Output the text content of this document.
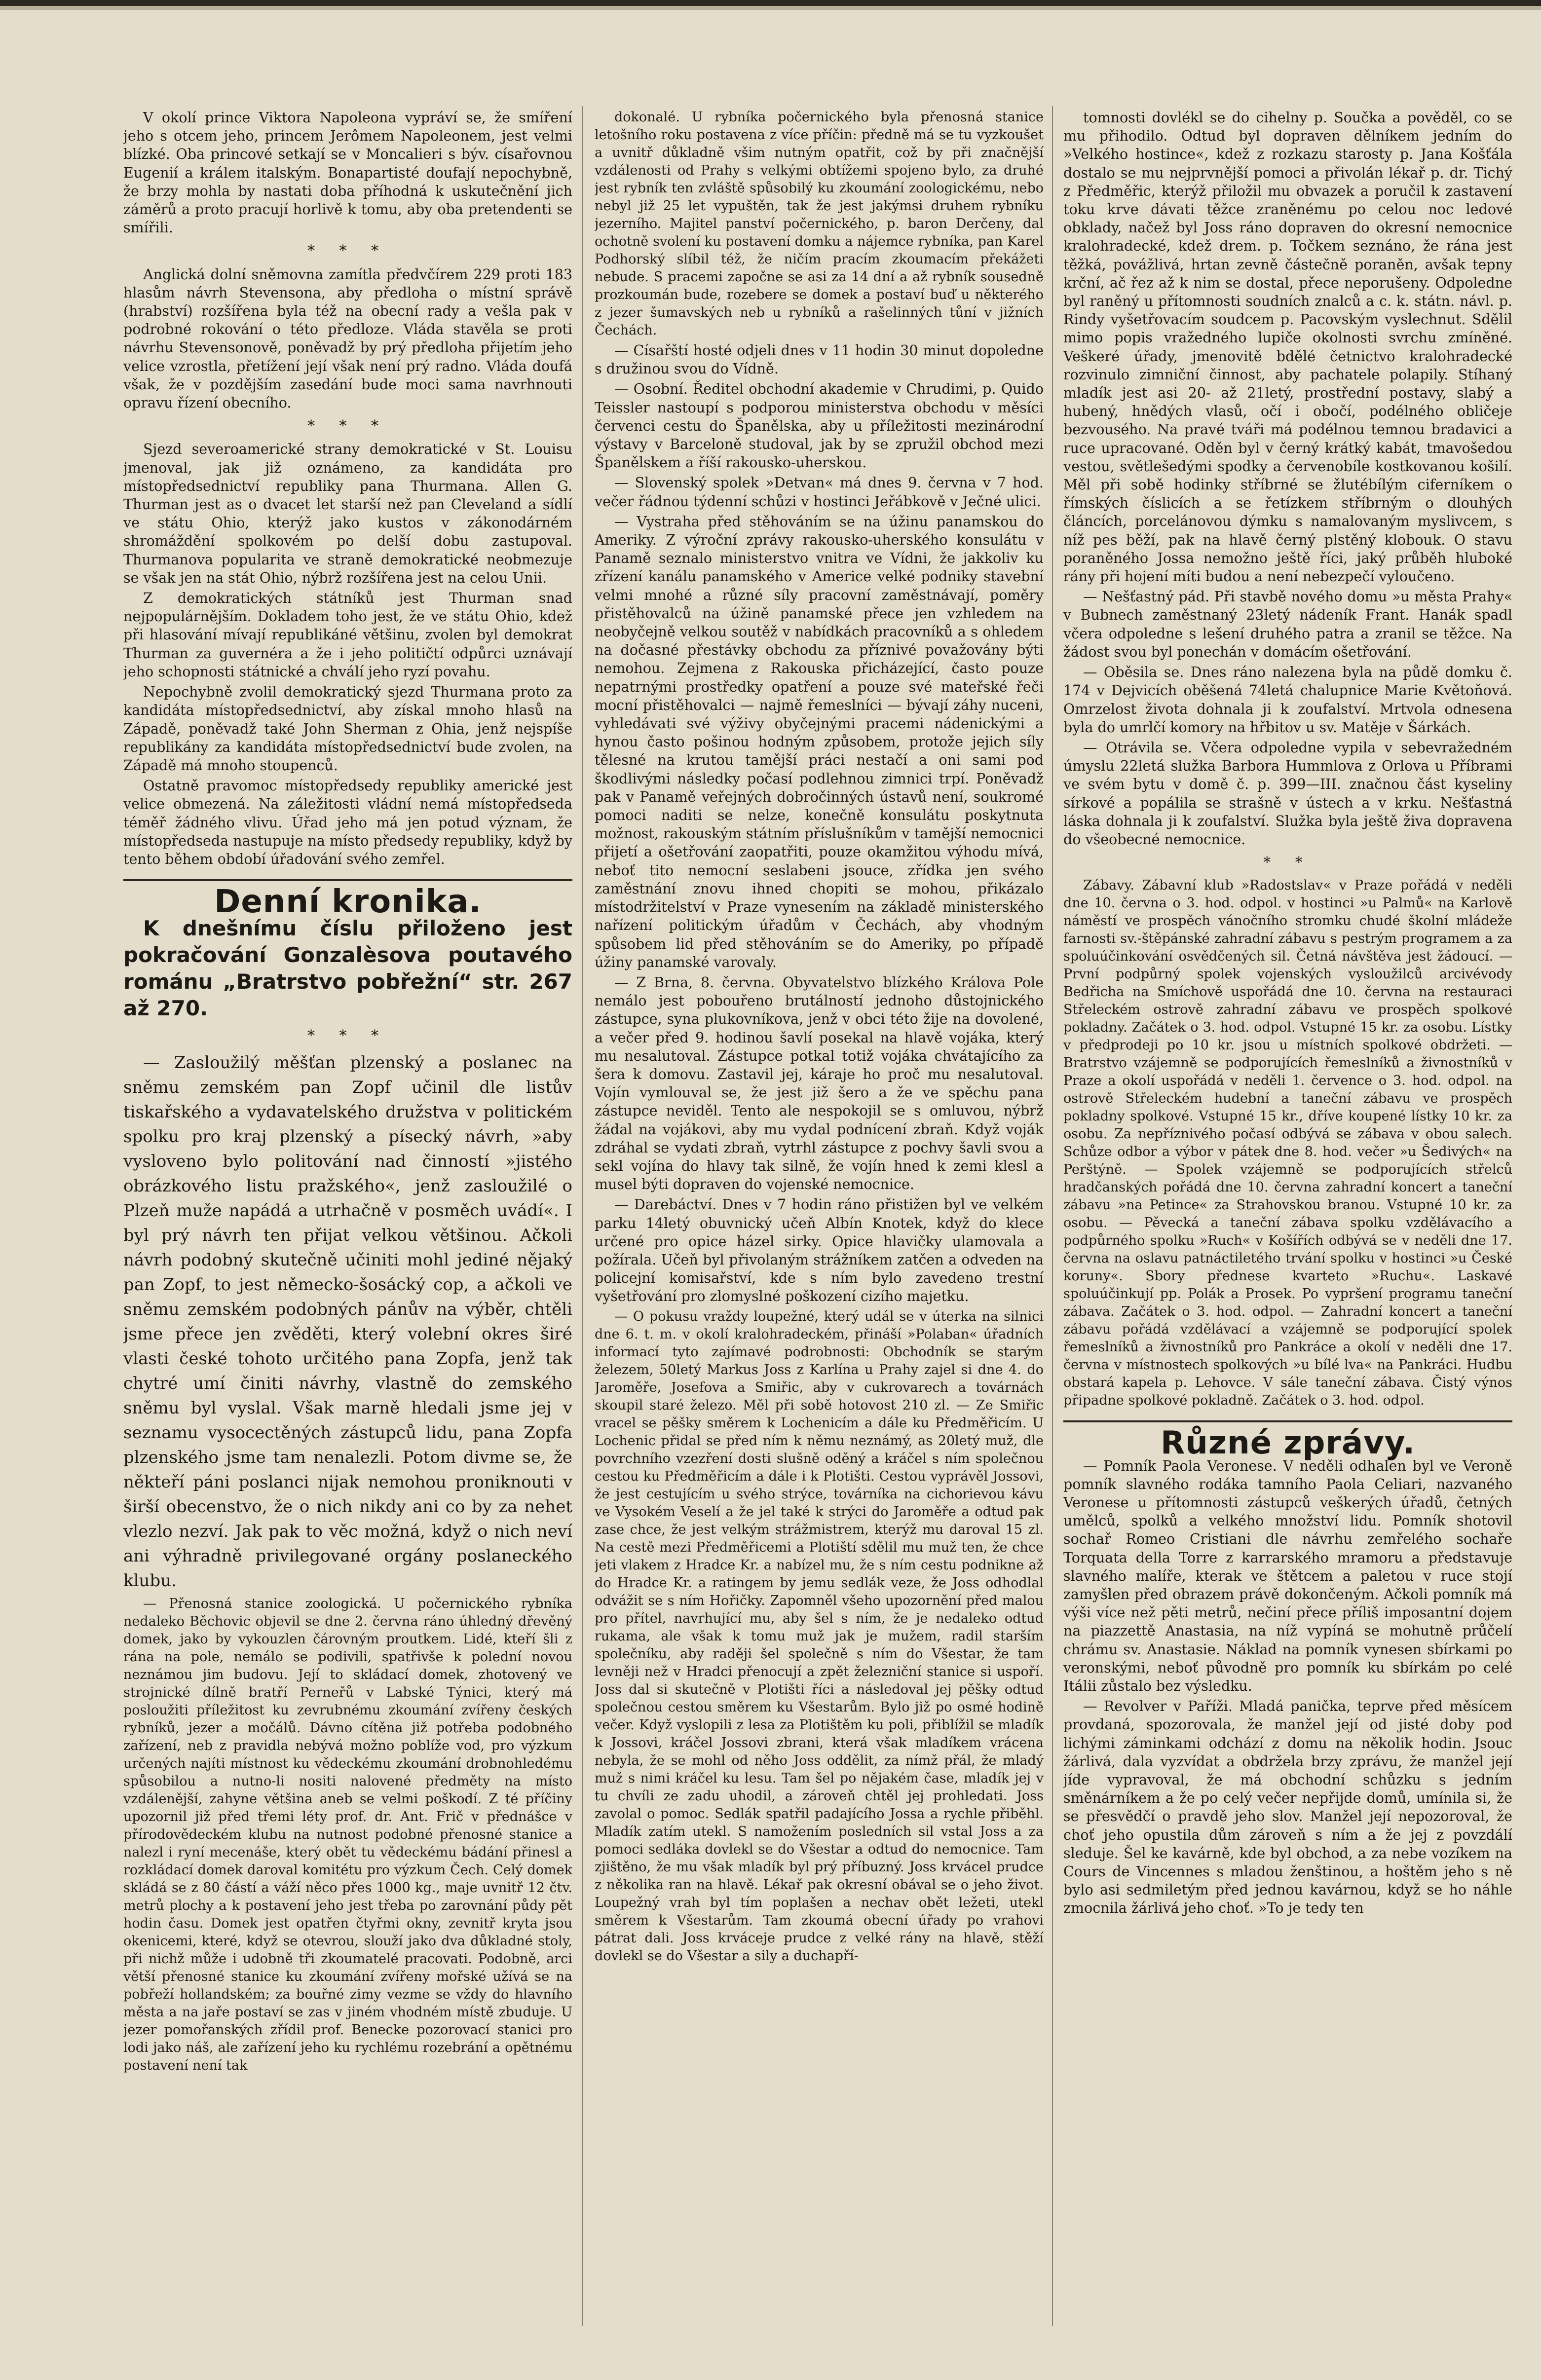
V okolí prince Viktora Napoleona vypráví se, že smíření jeho s otcem jeho, princem Jerômem Napoleonem, jest velmi blízké. Oba princové setkají se v Moncalieri s býv. císařovnou Eugenií a králem italským. Bonapartisté doufají nepochybně, že brzy mohla by nastati doba příhodná k uskutečnění jich záměrů a proto pracují horlivě k tomu, aby oba pretendenti se smířili.

* * *

Anglická dolní sněmovna zamítla předvčírem 229 proti 183 hlasům návrh Stevensona, aby předloha o místní správě (hrabství) rozšířena byla též na obecní rady a vešla pak v podrobné rokování o této předloze. Vláda stavěla se proti návrhu Stevensonově, poněvadž by prý předloha přijetím jeho velice vzrostla, přetížení její však není prý radno. Vláda doufá však, že v pozdějším zasedání bude moci sama navrhnouti opravu řízení obecního.

* * *

Sjezd severoamerické strany demokratické v St. Louisu jmenoval, jak již oznámeno, za kandidáta pro místopředsednictví republiky pana Thurmana. Allen G. Thurman jest as o dvacet let starší než pan Cleveland a sídlí ve státu Ohio, kterýž jako kustos v zákonodárném shromáždění spolkovém po delší dobu zastupoval. Thurmanova popularita ve straně demokratické neobmezuje se však jen na stát Ohio, nýbrž rozšířena jest na celou Unii.

Z demokratických státníků jest Thurman snad nejpopulárnějším. Dokladem toho jest, že ve státu Ohio, kdež při hlasování mívají republikáné většinu, zvolen byl demokrat Thurman za guvernéra a že i jeho političtí odpůrci uznávají jeho schopnosti státnické a chválí jeho ryzí povahu.

Nepochybně zvolil demokratický sjezd Thurmana proto za kandidáta místopředsednictví, aby získal mnoho hlasů na Západě, poněvadž také John Sherman z Ohia, jenž nejspíše republikány za kandidáta místopředsednictví bude zvolen, na Západě má mnoho stoupenců.

Ostatně pravomoc místopředsedy republiky americké jest velice obmezená. Na záležitosti vládní nemá místopředseda téměř žádného vlivu. Úřad jeho má jen potud význam, že místopředseda nastupuje na místo předsedy republiky, když by tento během období úřadování svého zemřel.

Denní kronika.
K dnešnímu číslu přiloženo jest pokračování Gonzalèsova poutavého románu „Bratrstvo pobřežní“ str. 267 až 270.
* * *

— Zasloužilý měšťan plzenský a poslanec na sněmu zemském pan Zopf učinil dle listův tiskařského a vydavatelského družstva v politickém spolku pro kraj plzenský a písecký návrh, »aby vysloveno bylo politování nad činností »jistého obrázkového listu pražského«, jenž zasloužilé o Plzeň muže napádá a utrhačně v posměch uvádí«. I byl prý návrh ten přijat velkou většinou. Ačkoli návrh podobný skutečně učiniti mohl jediné nějaký pan Zopf, to jest německo-šosácký cop, a ačkoli ve sněmu zemském podobných pánův na výběr, chtěli jsme přece jen zvěděti, který volební okres širé vlasti české tohoto určitého pana Zopfa, jenž tak chytré umí činiti návrhy, vlastně do zemského sněmu byl vyslal. Však marně hledali jsme jej v seznamu vysocectěných zástupců lidu, pana Zopfa plzenského jsme tam nenalezli. Potom divme se, že někteří páni poslanci nijak nemohou proniknouti v širší obecenstvo, že o nich nikdy ani co by za nehet vlezlo nezví. Jak pak to věc možná, když o nich neví ani výhradně privilegované orgány poslaneckého klubu.

— Přenosná stanice zoologická. U počernického rybníka nedaleko Běchovic objevil se dne 2. června ráno úhledný dřevěný domek, jako by vykouzlen čárovným proutkem. Lidé, kteří šli z rána na pole, nemálo se podivili, spatřivše k polední novou neznámou jim budovu. Její to skládací domek, zhotovený ve strojnické dílně bratří Perneřů v Labské Týnici, který má posloužiti příležitost ku zevrubnému zkoumání zvířeny českých rybníků, jezer a močálů. Dávno cítěna již potřeba podobného zařízení, neb z pravidla nebývá možno poblíže vod, pro výzkum určených najíti místnost ku vědeckému zkoumání drobnohledému spůsobilou a nutno-li nositi nalovené předměty na místo vzdálenější, zahyne většina aneb se velmi poškodí. Z té příčiny upozornil již před třemi léty prof. dr. Ant. Frič v přednášce v přírodovědeckém klubu na nutnost podobné přenosné stanice a nalezl i ryní mecenáše, který obět tu vědeckému bádání přinesl a rozkládací domek daroval komitétu pro výzkum Čech. Celý domek skládá se z 80 částí a váží něco přes 1000 kg., maje uvnitř 12 čtv. metrů plochy a k postavení jeho jest třeba po zarovnání půdy pět hodin času. Domek jest opatřen čtyřmi okny, zevnitř kryta jsou okenicemi, které, když se otevrou, slouží jako dva důkladné stoly, při nichž může i udobně tři zkoumatelé pracovati. Podobně, arci větší přenosné stanice ku zkoumání zvířeny mořské užívá se na pobřeží hollandském; za bouřné zimy vezme se vždy do hlavního města a na jaře postaví se zas v jiném vhodném místě zbuduje. U jezer pomořanských zřídil prof. Benecke pozorovací stanici pro lodi jako náš, ale zařízení jeho ku rychlému rozebrání a opětnému postavení není tak

dokonalé. U rybníka počernického byla přenosná stanice letošního roku postavena z více příčin: předně má se tu vyzkoušet a uvnitř důkladně všim nutným opatřit, což by při značnější vzdálenosti od Prahy s velkými obtížemi spojeno bylo, za druhé jest rybník ten zvláště spůsobilý ku zkoumání zoologickému, nebo nebyl již 25 let vypuštěn, tak že jest jakýmsi druhem rybníku jezerního. Majitel panství počernického, p. baron Derčeny, dal ochotně svolení ku postavení domku a nájemce rybníka, pan Karel Podhorský slíbil též, že ničím pracím zkoumacím překážeti nebude. S pracemi započne se asi za 14 dní a až rybník sousedně prozkoumán bude, rozebere se domek a postaví buď u některého z jezer šumavských neb u rybníků a rašelinných tůní v jižních Čechách.

— Císařští hosté odjeli dnes v 11 hodin 30 minut dopoledne s družinou svou do Vídně.

— Osobní. Ředitel obchodní akademie v Chrudimi, p. Quido Teissler nastoupí s podporou ministerstva obchodu v měsíci červenci cestu do Španělska, aby u příležitosti mezinárodní výstavy v Barceloně studoval, jak by se zpružil obchod mezi Španělskem a říší rakousko-uherskou.

— Slovenský spolek »Detvan« má dnes 9. června v 7 hod. večer řádnou týdenní schůzi v hostinci Jeřábkově v Ječné ulici.

— Vystraha před stěhováním se na úžinu panamskou do Ameriky. Z výroční zprávy rakousko-uherského konsulátu v Panamě seznalo ministerstvo vnitra ve Vídni, že jakkoliv ku zřízení kanálu panamského v Americe velké podniky stavební velmi mnohé a různé síly pracovní zaměstnávají, poměry přistěhovalců na úžině panamské přece jen vzhledem na neobyčejně velkou soutěž v nabídkách pracovníků a s ohledem na dočasné přestávky obchodu za příznivé považovány býti nemohou. Zejmena z Rakouska přicházející, často pouze nepatrnými prostředky opatření a pouze své mateřské řeči mocní přistěhovalci — najmě řemeslníci — bývají záhy nuceni, vyhledávati své výživy obyčejnými pracemi nádenickými a hynou často pošinou hodným způsobem, protože jejich síly tělesné na krutou tamější práci nestačí a oni sami pod škodlivými následky počasí podlehnou zimnici trpí. Poněvadž pak v Panamě veřejných dobročinných ústavů není, soukromé pomoci naditi se nelze, konečně konsulátu poskytnuta možnost, rakouským státním příslušníkům v tamější nemocnici přijetí a ošetřování zaopatřiti, pouze okamžitou výhodu mívá, neboť tito nemocní seslabeni jsouce, zřídka jen svého zaměstnání znovu ihned chopiti se mohou, přikázalo místodržitelství v Praze vynesením na základě ministerského nařízení politickým úřadům v Čechách, aby vhodným spůsobem lid před stěhováním se do Ameriky, po případě úžiny panamské varovaly.

— Z Brna, 8. června. Obyvatelstvo blízkého Králova Pole nemálo jest pobouřeno brutálností jednoho důstojnického zástupce, syna plukovníkova, jenž v obci této žije na dovolené, a večer před 9. hodinou šavlí posekal na hlavě vojáka, který mu nesalutoval. Zástupce potkal totiž vojáka chvátajícího za šera k domovu. Zastavil jej, káraje ho proč mu nesalutoval. Vojín vymlouval se, že jest již šero a že ve spěchu pana zástupce neviděl. Tento ale nespokojil se s omluvou, nýbrž žádal na vojákovi, aby mu vydal podnícení zbraň. Když voják zdráhal se vydati zbraň, vytrhl zástupce z pochvy šavli svou a sekl vojína do hlavy tak silně, že vojín hned k zemi klesl a musel býti dopraven do vojenské nemocnice.

— Darebáctví. Dnes v 7 hodin ráno přistižen byl ve velkém parku 14letý obuvnický učeň Albín Knotek, když do klece určené pro opice házel sirky. Opice hlavičky ulamovala a požírala. Učeň byl přivolaným strážníkem zatčen a odveden na policejní komisařství, kde s ním bylo zavedeno trestní vyšetřování pro zlomyslné poškození cizího majetku.

— O pokusu vraždy loupežné, který udál se v úterka na silnici dne 6. t. m. v okolí kralohradeckém, přináší »Polaban« úřadních informací tyto zajímavé podrobnosti: Obchodník se starým železem, 50letý Markus Joss z Karlína u Prahy zajel si dne 4. do Jaroměře, Josefova a Smiřic, aby v cukrovarech a továrnách skoupil staré železo. Měl při sobě hotovost 210 zl. — Ze Smiřic vracel se pěšky směrem k Lochenicím a dále ku Předměřicím. U Lochenic přidal se před ním k němu neznámý, as 20letý muž, dle povrchního vzezření dosti slušně oděný a kráčel s ním společnou cestou ku Předměřicím a dále i k Plotišti. Cestou vyprávěl Jossovi, že jest cestujícím u svého strýce, továrníka na cichorievou kávu ve Vysokém Veselí a že jel také k strýci do Jaroměře a odtud pak zase chce, že jest velkým strážmistrem, kterýž mu daroval 15 zl. Na cestě mezi Předměřicemi a Plotiští sdělil mu muž ten, že chce jeti vlakem z Hradce Kr. a nabízel mu, že s ním cestu podnikne až do Hradce Kr. a ratingem by jemu sedlák veze, že Joss odhodlal odvážit se s ním Hořičky. Zapomněl všeho upozornění před malou pro přítel, navrhující mu, aby šel s ním, že je nedaleko odtud rukama, ale však k tomu muž jak je mužem, radil starším společníku, aby raději šel společně s ním do Všestar, že tam levněji než v Hradci přenocují a zpět železniční stanice si uspoří. Joss dal si skutečně v Plotišti říci a následoval jej pěšky odtud společnou cestou směrem ku Všestarům. Bylo již po osmé hodině večer. Když vyslopili z lesa za Plotištěm ku poli, přiblížil se mladík k Jossovi, kráčel Jossovi zbrani, která však mladíkem vrácena nebyla, že se mohl od něho Joss oddělit, za nímž přál, že mladý muž s nimi kráčel ku lesu. Tam šel po nějakém čase, mladík jej v tu chvíli ze zadu uhodil, a zároveň chtěl jej prohledati. Joss zavolal o pomoc. Sedlák spatřil padajícího Jossa a rychle přiběhl. Mladík zatím utekl. S namožením posledních sil vstal Joss a za pomoci sedláka dovlekl se do Všestar a odtud do nemocnice. Tam zjištěno, že mu však mladík byl prý příbuzný. Joss krvácel prudce z několika ran na hlavě. Lékař pak okresní obával se o jeho život. Loupežný vrah byl tím poplašen a nechav obět ležeti, utekl směrem k Všestarům. Tam zkoumá obecní úřady po vrahovi pátrat dali. Joss krváceje prudce z velké rány na hlavě, stěží dovlekl se do Všestar a sily a duchapří-

tomnosti dovlékl se do cihelny p. Součka a pověděl, co se mu přihodilo. Odtud byl dopraven dělníkem jedním do »Velkého hostince«, kdež z rozkazu starosty p. Jana Košťála dostalo se mu nejprvnější pomoci a přivolán lékař p. dr. Tichý z Předměřic, kterýž přiložil mu obvazek a poručil k zastavení toku krve dávati těžce zraněnému po celou noc ledové obklady, načež byl Joss ráno dopraven do okresní nemocnice kralohradecké, kdež drem. p. Točkem seznáno, že rána jest těžká, povážlivá, hrtan zevně částečně poraněn, avšak tepny krční, ač řez až k nim se dostal, přece neporušeny. Odpoledne byl raněný u přítomnosti soudních znalců a c. k. státn. návl. p. Rindy vyšetřovacím soudcem p. Pacovským vyslechnut. Sdělil mimo popis vražedného lupiče okolnosti svrchu zmíněné. Veškeré úřady, jmenovitě bdělé četnictvo kralohradecké rozvinulo zimniční činnost, aby pachatele polapily. Stíhaný mladík jest asi 20- až 21letý, prostřední postavy, slabý a hubený, hnědých vlasů, očí i obočí, podélného obličeje bezvousého. Na pravé tváři má podélnou temnou bradavici a ruce upracované. Oděn byl v černý krátký kabát, tmavošedou vestou, světlešedými spodky a červenobíle kostkovanou košilí. Měl při sobě hodinky stříbrné se žlutébílým ciferníkem o římských číslicích a se řetízkem stříbrným o dlouhých článcích, porcelánovou dýmku s namalovaným myslivcem, s níž pes běží, pak na hlavě černý plstěný klobouk. O stavu poraněného Jossa nemožno ještě říci, jaký průběh hluboké rány při hojení míti budou a není nebezpečí vyloučeno.

— Nešťastný pád. Při stavbě nového domu »u města Prahy« v Bubnech zaměstnaný 23letý nádeník Frant. Hanák spadl včera odpoledne s lešení druhého patra a zranil se těžce. Na žádost svou byl ponechán v domácím ošetřování.

— Oběsila se. Dnes ráno nalezena byla na půdě domku č. 174 v Dejvicích oběšená 74letá chalupnice Marie Květoňová. Omrzelost života dohnala ji k zoufalství. Mrtvola odnesena byla do umrlčí komory na hřbitov u sv. Matěje v Šárkách.

— Otrávila se. Včera odpoledne vypila v sebevražedném úmyslu 22letá služka Barbora Hummlova z Orlova u Příbrami ve svém bytu v domě č. p. 399—III. značnou část kyseliny sírkové a popálila se strašně v ústech a v krku. Nešťastná láska dohnala ji k zoufalství. Služka byla ještě živa dopravena do všeobecné nemocnice.

* *

Zábavy. Zábavní klub »Radostslav« v Praze pořádá v neděli dne 10. června o 3. hod. odpol. v hostinci »u Palmů« na Karlově náměstí ve prospěch vánočního stromku chudé školní mládeže farnosti sv.-štěpánské zahradní zábavu s pestrým programem a za spoluúčinkování osvědčených sil. Četná návštěva jest žádoucí. — První podpůrný spolek vojenských vysloužilců arcivévody Bedřicha na Smíchově uspořádá dne 10. června na restauraci Střeleckém ostrově zahradní zábavu ve prospěch spolkové pokladny. Začátek o 3. hod. odpol. Vstupné 15 kr. za osobu. Lístky v předprodeji po 10 kr. jsou u místních spolkové obdržeti. — Bratrstvo vzájemně se podporujících řemeslníků a živnostníků v Praze a okolí uspořádá v neděli 1. července o 3. hod. odpol. na ostrově Střeleckém hudební a taneční zábavu ve prospěch pokladny spolkové. Vstupné 15 kr., dříve koupené lístky 10 kr. za osobu. Za nepříznivého počasí odbývá se zábava v obou salech. Schůze odbor a výbor v pátek dne 8. hod. večer »u Šedivých« na Perštýně. — Spolek vzájemně se podporujících střelců hradčanských pořádá dne 10. června zahradní koncert a taneční zábavu »na Petince« za Strahovskou branou. Vstupné 10 kr. za osobu. — Pěvecká a taneční zábava spolku vzdělávacího a podpůrného spolku »Ruch« v Košířích odbývá se v neděli dne 17. června na oslavu patnáctiletého trvání spolku v hostinci »u České koruny«. Sbory přednese kvarteto »Ruchu«. Laskavé spoluúčinkují pp. Polák a Prosek. Po vypršení programu taneční zábava. Začátek o 3. hod. odpol. — Zahradní koncert a taneční zábavu pořádá vzdělávací a vzájemně se podporující spolek řemeslníků a živnostníků pro Pankráce a okolí v neděli dne 17. června v místnostech spolkových »u bílé lva« na Pankráci. Hudbu obstará kapela p. Lehovce. V sále taneční zábava. Čistý výnos připadne spolkové pokladně. Začátek o 3. hod. odpol.

Různé zprávy.

— Pomník Paola Veronese. V neděli odhalen byl ve Veroně pomník slavného rodáka tamního Paola Celiari, nazvaného Veronese u přítomnosti zástupců veškerých úřadů, četných umělců, spolků a velkého množství lidu. Pomník shotovil sochař Romeo Cristiani dle návrhu zemřelého sochaře Torquata della Torre z karrarského mramoru a představuje slavného malíře, kterak ve štětcem a paletou v ruce stojí zamyšlen před obrazem právě dokončeným. Ačkoli pomník má výši více než pěti metrů, nečiní přece příliš imposantní dojem na piazzettě Anastasia, na níž vypíná se mohutně průčelí chrámu sv. Anastasie. Náklad na pomník vynesen sbírkami po veronskými, neboť původně pro pomník ku sbírkám po celé Itálii zůstalo bez výsledku.

— Revolver v Paříži. Mladá panička, teprve před měsícem provdaná, spozorovala, že manžel její od jisté doby pod lichými záminkami odchází z domu na několik hodin. Jsouc žárlivá, dala vyzvídat a obdržela brzy zprávu, že manžel její jíde vypravoval, že má obchodní schůzku s jedním směnárníkem a že po celý večer nepřijde domů, umínila si, že se přesvědčí o pravdě jeho slov. Manžel její nepozoroval, že choť jeho opustila dům zároveň s ním a že jej z povzdálí sleduje. Šel ke kavárně, kde byl obchod, a za nebe vozíkem na Cours de Vincennes s mladou ženštinou, a hoštěm jeho s ně bylo asi sedmiletým před jednou kavárnou, když se ho náhle zmocnila žárlivá jeho choť. »To je tedy ten
